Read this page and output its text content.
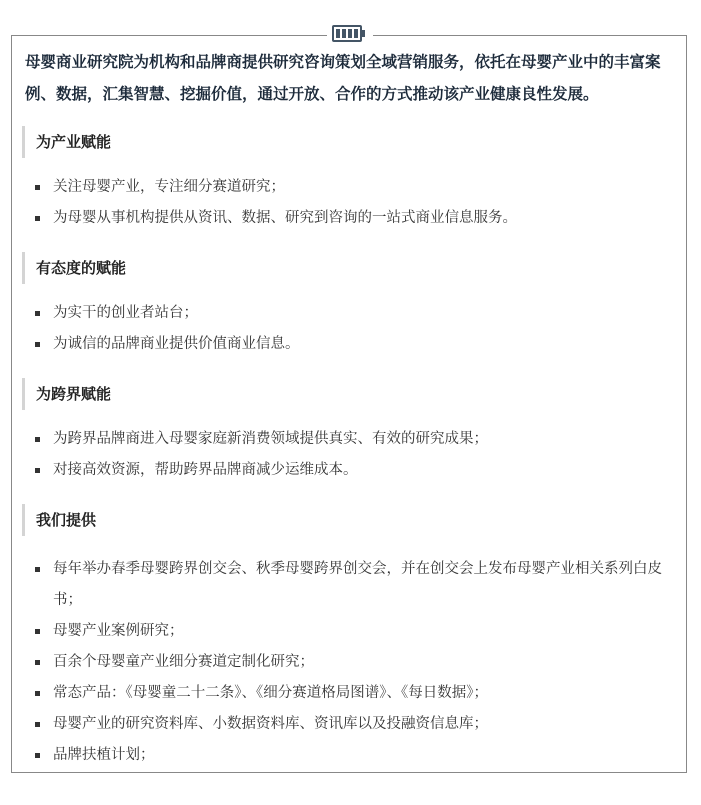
母婴商业研究院为机构和品牌商提供研究咨询策划全域营销服务，依托在母婴产业中的丰富案例、数据，汇集智慧、挖掘价值，通过开放、合作的方式推动该产业健康良性发展。

为产业赋能
关注母婴产业，专注细分赛道研究；
为母婴从事机构提供从资讯、数据、研究到咨询的一站式商业信息服务。
有态度的赋能
为实干的创业者站台；
为诚信的品牌商业提供价值商业信息。
为跨界赋能
为跨界品牌商进入母婴家庭新消费领域提供真实、有效的研究成果；
对接高效资源，帮助跨界品牌商减少运维成本。
我们提供
每年举办春季母婴跨界创交会、秋季母婴跨界创交会，并在创交会上发布母婴产业相关系列白皮书；
母婴产业案例研究；
百余个母婴童产业细分赛道定制化研究；
常态产品：《母婴童二十二条》、《细分赛道格局图谱》、《每日数据》；
母婴产业的研究资料库、小数据资料库、资讯库以及投融资信息库；
品牌扶植计划；
